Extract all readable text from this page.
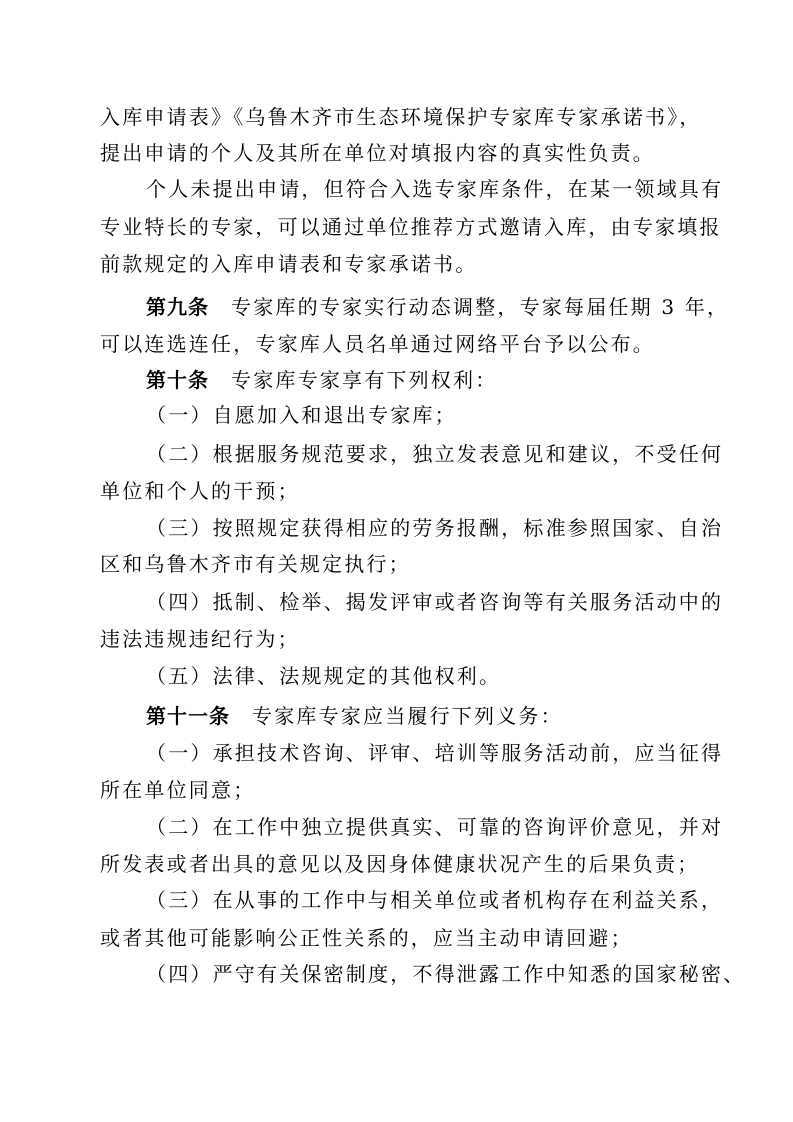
入库申请表》《乌鲁木齐市生态环境保护专家库专家承诺书》，
提出申请的个人及其所在单位对填报内容的真实性负责。
个人未提出申请，但符合入选专家库条件，在某一领域具有
专业特长的专家，可以通过单位推荐方式邀请入库，由专家填报
前款规定的入库申请表和专家承诺书。
第九条 专家库的专家实行动态调整，专家每届任期 3 年，
可以连选连任，专家库人员名单通过网络平台予以公布。
第十条 专家库专家享有下列权利：
（一）自愿加入和退出专家库；
（二）根据服务规范要求，独立发表意见和建议，不受任何
单位和个人的干预；
（三）按照规定获得相应的劳务报酬，标准参照国家、自治
区和乌鲁木齐市有关规定执行；
（四）抵制、检举、揭发评审或者咨询等有关服务活动中的
违法违规违纪行为；
（五）法律、法规规定的其他权利。
第十一条 专家库专家应当履行下列义务：
（一）承担技术咨询、评审、培训等服务活动前，应当征得
所在单位同意；
（二）在工作中独立提供真实、可靠的咨询评价意见，并对
所发表或者出具的意见以及因身体健康状况产生的后果负责；
（三）在从事的工作中与相关单位或者机构存在利益关系，
或者其他可能影响公正性关系的，应当主动申请回避；
（四）严守有关保密制度，不得泄露工作中知悉的国家秘密、
